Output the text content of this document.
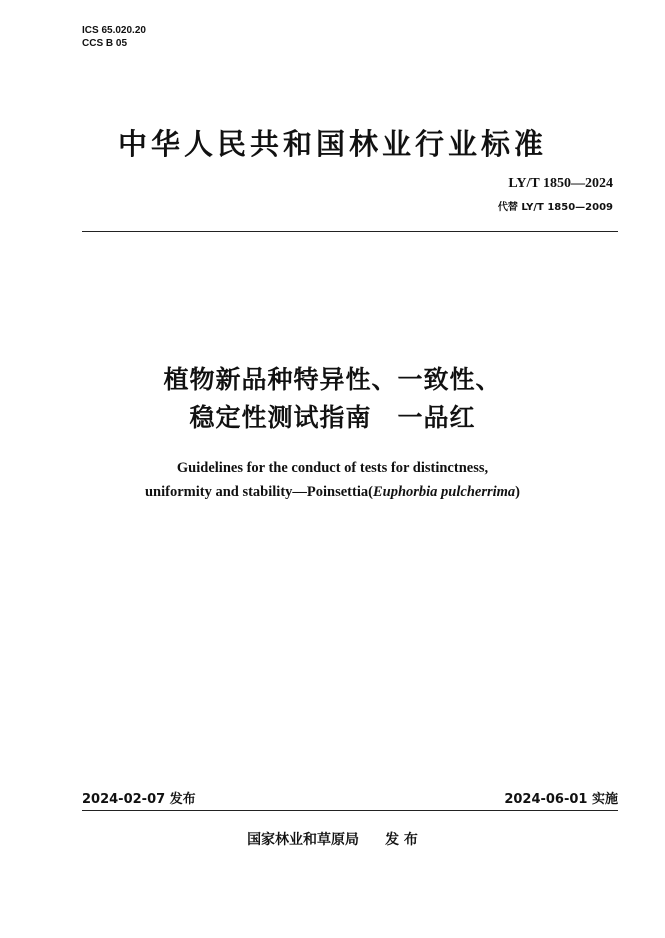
ICS 65.020.20
CCS B 05
中华人民共和国林业行业标准
LY/T 1850—2024
代替 LY/T 1850—2009
植物新品种特异性、一致性、
稳定性测试指南　一品红
Guidelines for the conduct of tests for distinctness,
uniformity and stability—Poinsettia(Euphorbia pulcherrima)
2024-02-07 发布	2024-06-01 实施
国家林业和草原局 发 布
